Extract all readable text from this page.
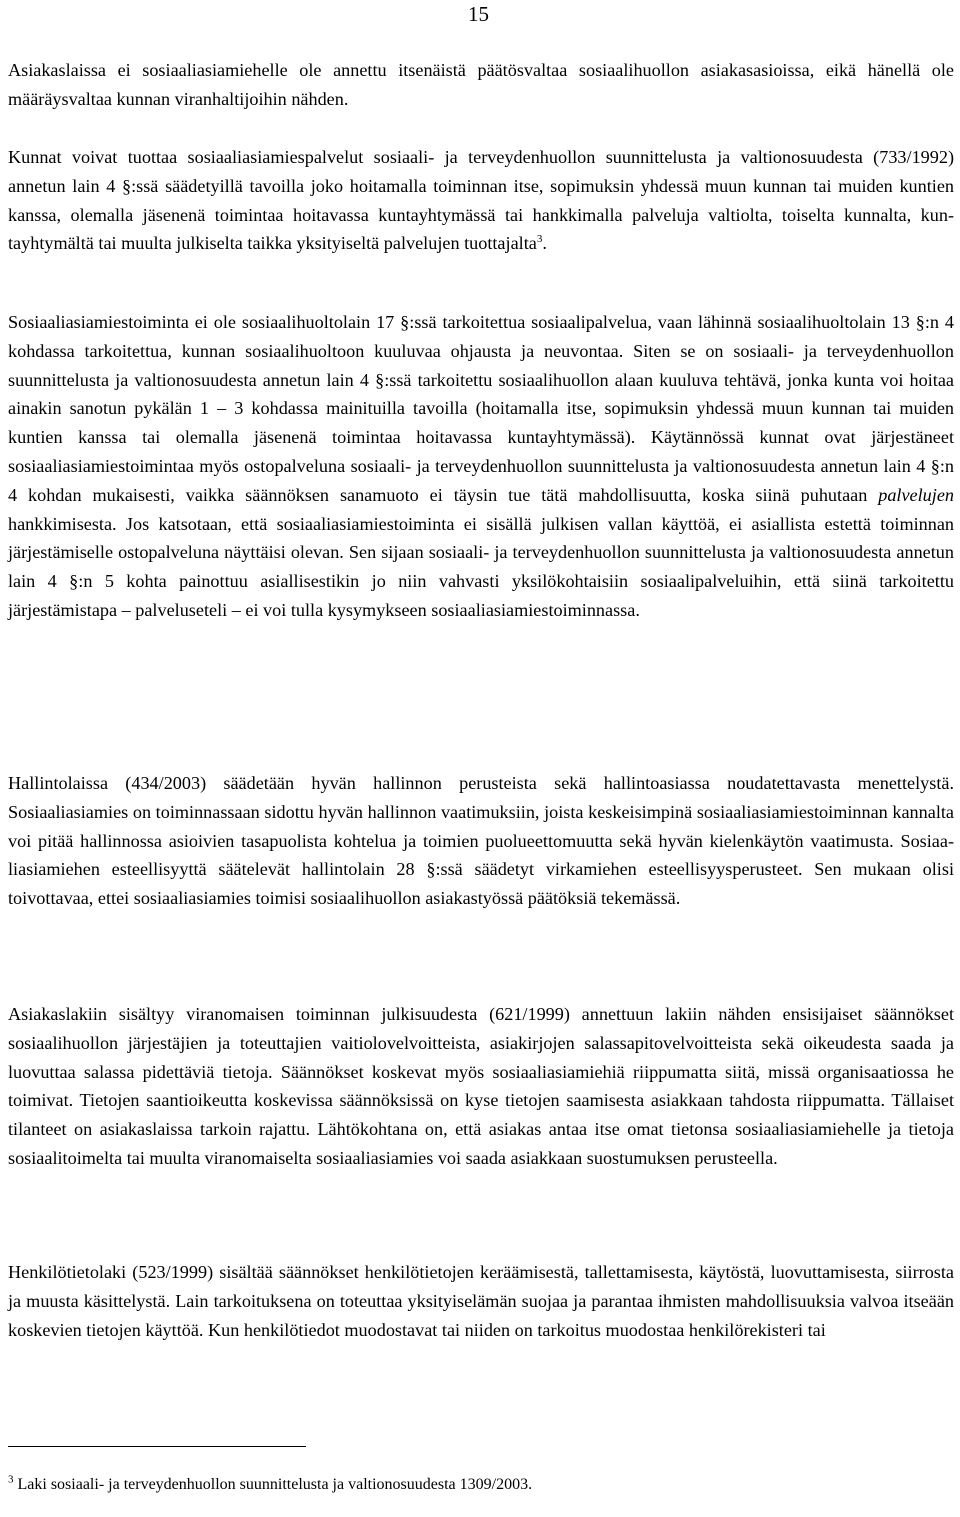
15

Asiakaslaissa ei sosiaaliasiamiehelle ole annettu itsenäistä päätösvaltaa sosiaalihuollon asiakasasioissa, eikä hänellä ole määräysvaltaa kunnan viranhaltijoihin nähden.

Kunnat voivat tuottaa sosiaaliasiamiespalvelut sosiaali- ja terveydenhuollon suunnittelusta ja valtionosuudesta (733/1992) annetun lain 4 §:ssä säädetyillä tavoilla joko hoitamalla toiminnan itse, sopimuksin yhdessä muun kunnan tai muiden kuntien kanssa, olemalla jäsenenä toimintaa hoitavassa kuntayhtymässä tai hankkimalla palveluja valtiolta, toiselta kunnalta, kuntayhtymältä tai muulta julkiselta taikka yksityiseltä palvelujen tuottajalta$^3$.

Sosiaaliasiamiestoiminta ei ole sosiaalihuoltolain 17 §:ssä tarkoitettua sosiaalipalvelua, vaan lähinnä sosiaalihuoltolain 13 §:n 4 kohdassa tarkoitettua, kunnan sosiaalihuoltoon kuuluvaa ohjausta ja neuvontaa. Siten se on sosiaali- ja terveydenhuollon suunnittelusta ja valtionosuudesta annetun lain 4 §:ssä tarkoitettu sosiaalihuollon alaan kuuluva tehtävä, jonka kunta voi hoitaa ainakin sanotun pykälän 1 – 3 kohdassa mainituilla tavoilla (hoitamalla itse, sopimuksin yhdessä muun kunnan tai muiden kuntien kanssa tai olemalla jäsenenä toimintaa hoitavassa kuntayhtymässä). Käytännössä kunnat ovat järjestäneet sosiaaliasiamiestoimintaa myös ostopalveluna sosiaali- ja terveydenhuollon suunnittelusta ja valtionosuudesta annetun lain 4 §:n 4 kohdan mukaisesti, vaikka säännöksen sanamuoto ei täysin tue tätä mahdollisuutta, koska siinä puhutaan palvelujen hankkimisesta. Jos katsotaan, että sosiaaliasiamiestoiminta ei sisällä julkisen vallan käyttöä, ei asiallista estettä toiminnan järjestämiselle ostopalveluna näyttäisi olevan. Sen sijaan sosiaali- ja terveydenhuollon suunnittelusta ja valtionosuudesta annetun lain 4 §:n 5 kohta painottuu asiallisestikin jo niin vahvasti yksilökohtaisiin sosiaalipalveluihin, että siinä tarkoitettu järjestämistapa – palveluseteli – ei voi tulla kysymykseen sosiaaliasiamiestoiminnassa.

Hallintolaissa (434/2003) säädetään hyvän hallinnon perusteista sekä hallintoasiassa noudatettavasta menettelystä. Sosiaaliasiamies on toiminnassaan sidottu hyvän hallinnon vaatimuksiin, joista keskeisimpinä sosiaaliasiamiestoiminnan kannalta voi pitää hallinnossa asioivien tasapuolista kohtelua ja toimien puolueettomuutta sekä hyvän kielenkäytön vaatimusta. Sosiaaliasiamiehen esteellisyyttä säätelevät hallintolain 28 §:ssä säädetyt virkamiehen esteellisyysperusteet. Sen mukaan olisi toivottavaa, ettei sosiaaliasiamies toimisi sosiaalihuollon asiakastyössä päätöksiä tekemässä.

Asiakaslakiin sisältyy viranomaisen toiminnan julkisuudesta (621/1999) annettuun lakiin nähden ensisijaiset säännökset sosiaalihuollon järjestäjien ja toteuttajien vaitiolovelvoitteista, asiakirjojen salassapitovelvoitteista sekä oikeudesta saada ja luovuttaa salassa pidettäviä tietoja. Säännökset koskevat myös sosiaaliasiamiehiä riippumatta siitä, missä organisaatiossa he toimivat. Tietojen saantioikeutta koskevissa säännöksissä on kyse tietojen saamisesta asiakkaan tahdosta riippumatta. Tällaiset tilanteet on asiakaslaissa tarkoin rajattu. Lähtökohtana on, että asiakas antaa itse omat tietonsa sosiaaliasiamiehelle ja tietoja sosiaalitoimelta tai muulta viranomaiselta sosiaaliasiamies voi saada asiakkaan suostumuksen perusteella.

Henkilötietolaki (523/1999) sisältää säännökset henkilötietojen keräämisestä, tallettamisesta, käytöstä, luovuttamisesta, siirrosta ja muusta käsittelystä. Lain tarkoituksena on toteuttaa yksityiselämän suojaa ja parantaa ihmisten mahdollisuuksia valvoa itseään koskevien tietojen käyttöä. Kun henkilötiedot muodostavat tai niiden on tarkoitus muodostaa henkilörekisteri tai

$^3$ Laki sosiaali- ja terveydenhuollon suunnittelusta ja valtionosuudesta 1309/2003.
